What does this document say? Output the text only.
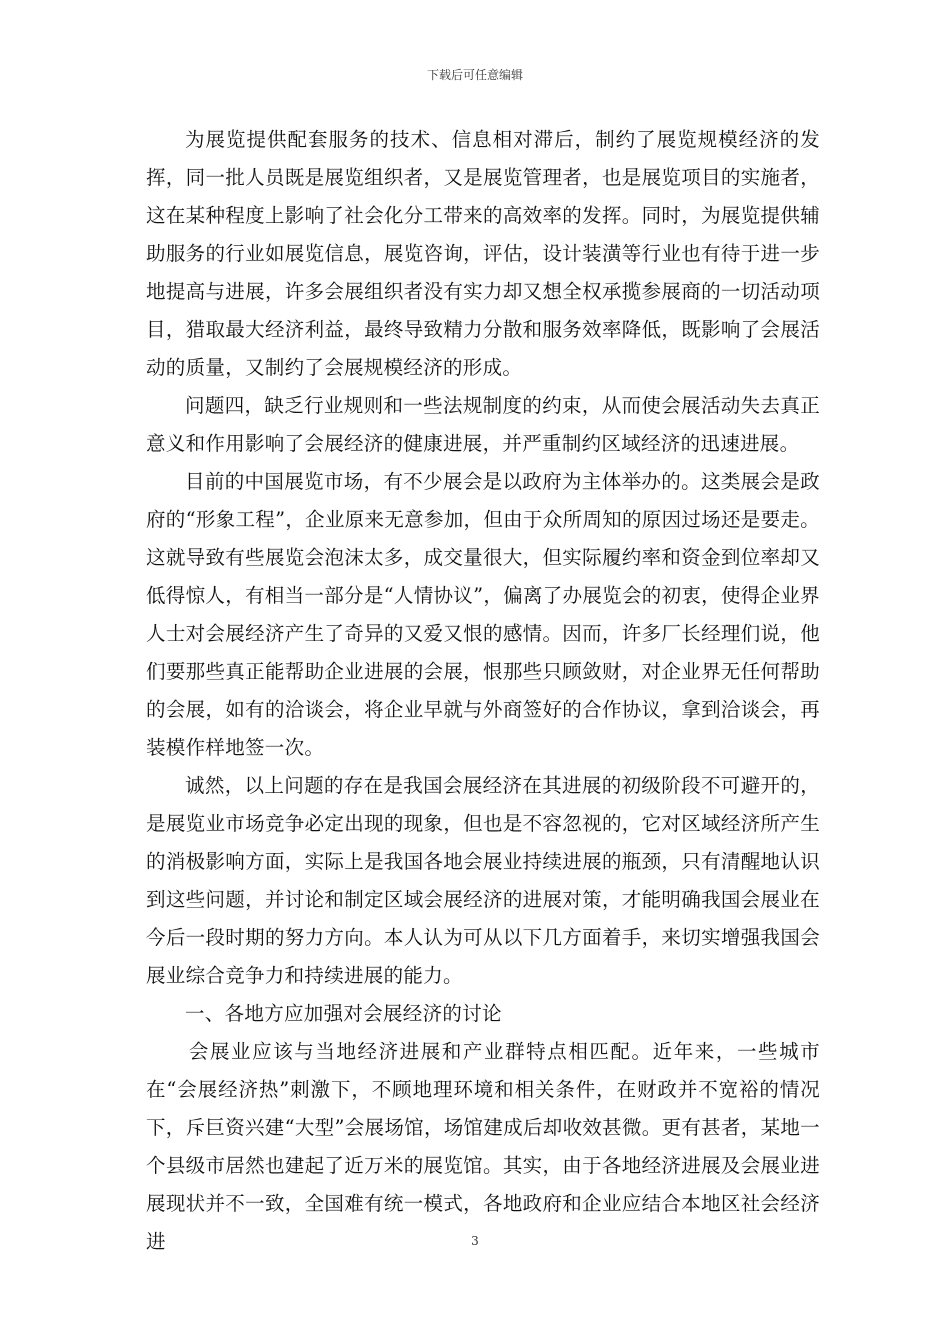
下载后可任意编辑

为展览提供配套服务的技术、信息相对滞后，制约了展览规模经济的发挥，同一批人员既是展览组织者，又是展览管理者，也是展览项目的实施者，这在某种程度上影响了社会化分工带来的高效率的发挥。同时，为展览提供辅助服务的行业如展览信息，展览咨询，评估，设计装潢等行业也有待于进一步地提高与进展，许多会展组织者没有实力却又想全权承揽参展商的一切活动项目，猎取最大经济利益，最终导致精力分散和服务效率降低，既影响了会展活动的质量，又制约了会展规模经济的形成。

问题四，缺乏行业规则和一些法规制度的约束，从而使会展活动失去真正意义和作用影响了会展经济的健康进展，并严重制约区域经济的迅速进展。

目前的中国展览市场，有不少展会是以政府为主体举办的。这类展会是政府的“形象工程”，企业原来无意参加，但由于众所周知的原因过场还是要走。这就导致有些展览会泡沫太多，成交量很大，但实际履约率和资金到位率却又低得惊人，有相当一部分是“人情协议”，偏离了办展览会的初衷，使得企业界人士对会展经济产生了奇异的又爱又恨的感情。因而，许多厂长经理们说，他们要那些真正能帮助企业进展的会展，恨那些只顾敛财，对企业界无任何帮助的会展，如有的洽谈会，将企业早就与外商签好的合作协议，拿到洽谈会，再装模作样地签一次。

诚然，以上问题的存在是我国会展经济在其进展的初级阶段不可避开的，是展览业市场竞争必定出现的现象，但也是不容忽视的，它对区域经济所产生的消极影响方面，实际上是我国各地会展业持续进展的瓶颈，只有清醒地认识到这些问题，并讨论和制定区域会展经济的进展对策，才能明确我国会展业在今后一段时期的努力方向。本人认为可从以下几方面着手，来切实增强我国会展业综合竞争力和持续进展的能力。

一、各地方应加强对会展经济的讨论

会展业应该与当地经济进展和产业群特点相匹配。近年来，一些城市在“会展经济热”刺激下，不顾地理环境和相关条件，在财政并不宽裕的情况下，斥巨资兴建“大型”会展场馆，场馆建成后却收效甚微。更有甚者，某地一个县级市居然也建起了近万米的展览馆。其实，由于各地经济进展及会展业进展现状并不一致，全国难有统一模式，各地政府和企业应结合本地区社会经济进	3
